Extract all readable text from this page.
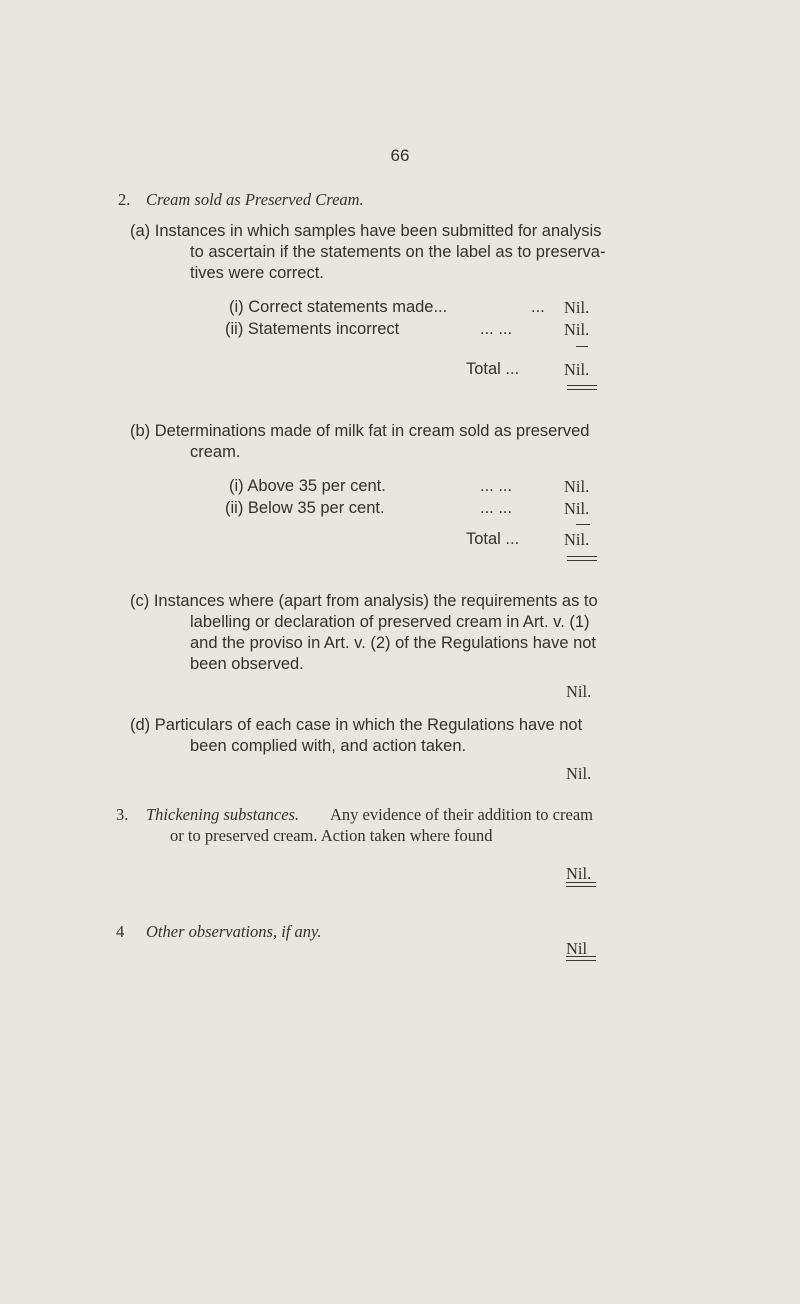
66
2. Cream sold as Preserved Cream.
(a) Instances in which samples have been submitted for analysis
to ascertain if the statements on the label as to preserva-
tives were correct.
(i) Correct statements made...	... Nil.
(ii) Statements incorrect	... ...	Nil.
Total ...	Nil.
(b) Determinations made of milk fat in cream sold as preserved
cream.
(i) Above 35 per cent.	... ...	Nil.
(ii) Below 35 per cent.	... ...	Nil.
Total ...	Nil.
(c) Instances where (apart from analysis) the requirements as to
labelling or declaration of preserved cream in Art. v. (1)
and the proviso in Art. v. (2) of the Regulations have not
been observed.
Nil.
(d) Particulars of each case in which the Regulations have not
been complied with, and action taken.
Nil.
3. Thickening substances. Any evidence of their addition to cream
or to preserved cream. Action taken where found
Nil.
4 Other observations, if any.
Nil
